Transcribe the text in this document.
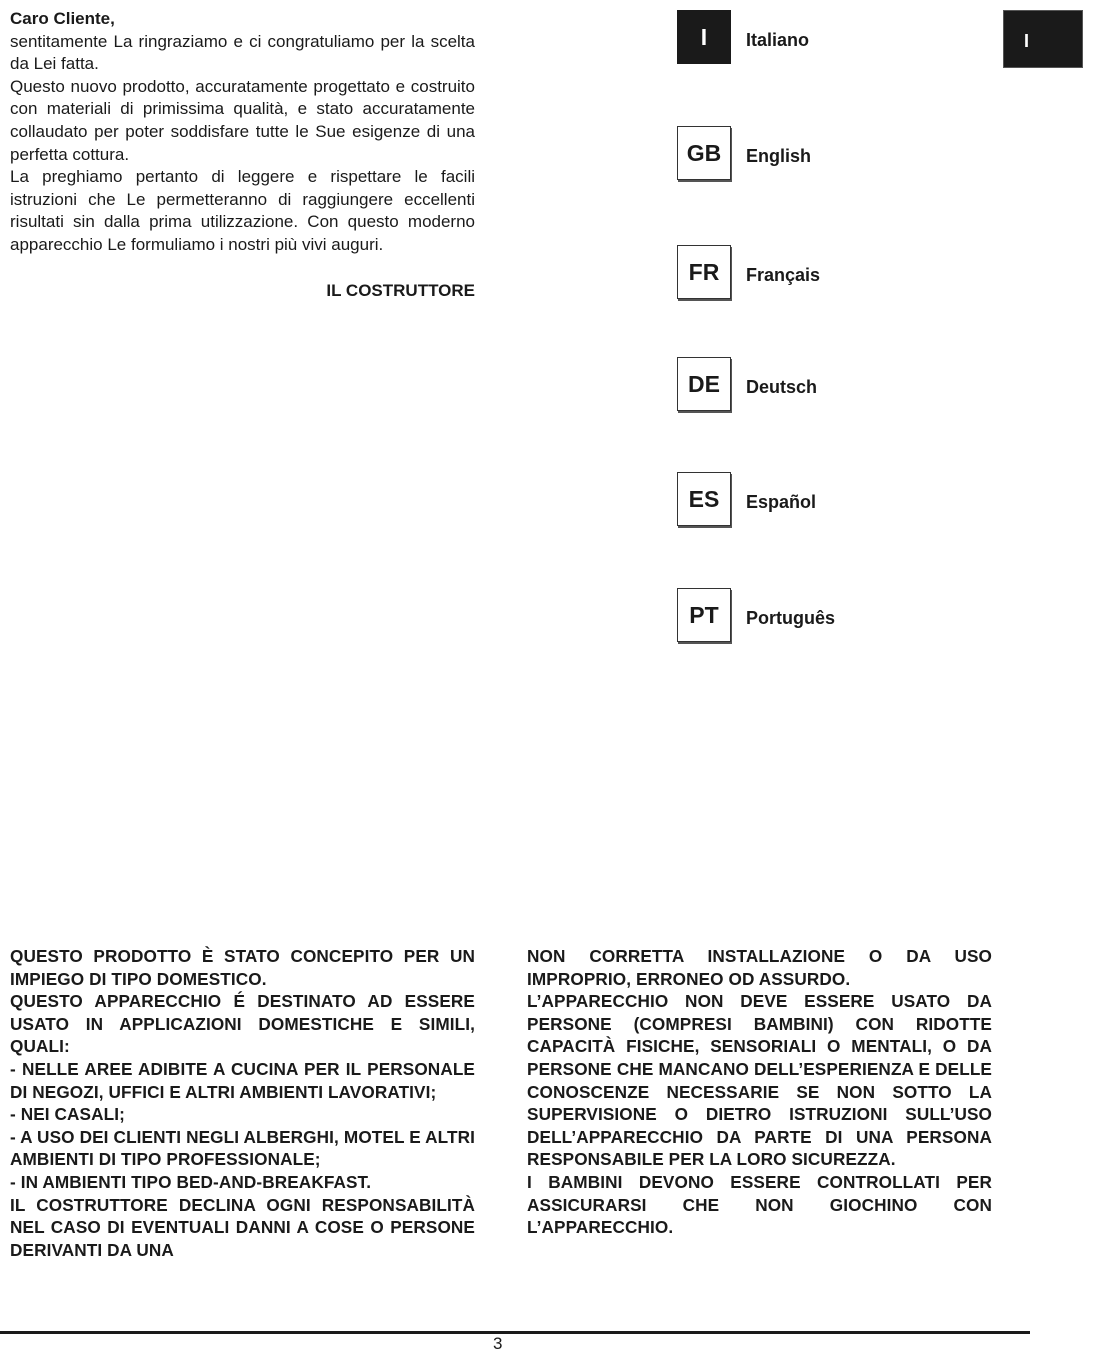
Caro Cliente,

sentitamente La ringraziamo e ci congratuliamo per la scelta da Lei fatta.

Questo nuovo prodotto, accuratamente progettato e costruito con materiali di primissima qualità, e stato accuratamente collaudato per poter soddisfare tutte le Sue esigenze di una perfetta cottura.

La preghiamo pertanto di leggere e rispettare le facili istruzioni che Le permetteranno di raggiungere eccellenti risultati sin dalla prima utilizzazione. Con questo moderno apparecchio Le formuliamo i nostri più vivi auguri.

IL COSTRUTTORE
I	Italiano
GB	English
FR	Français
DE	Deutsch
ES	Español
PT	Português
I

QUESTO PRODOTTO È STATO CONCEPITO PER UN IMPIEGO DI TIPO DOMESTICO.

QUESTO APPARECCHIO É DESTINATO AD ESSERE USATO IN APPLICAZIONI DOMESTICHE E SIMILI, QUALI:

- NELLE AREE ADIBITE A CUCINA PER IL PERSONALE DI NEGOZI, UFFICI E ALTRI AMBIENTI LAVORATIVI;

- NEI CASALI;

- A USO DEI CLIENTI NEGLI ALBERGHI, MOTEL E ALTRI AMBIENTI DI TIPO PROFESSIONALE;

- IN AMBIENTI TIPO BED-AND-BREAKFAST.

IL COSTRUTTORE DECLINA OGNI RESPONSABILITÀ NEL CASO DI EVENTUALI DANNI A COSE O PERSONE DERIVANTI DA UNA

NON CORRETTA INSTALLAZIONE O DA USO IMPROPRIO, ERRONEO OD ASSURDO.

L’APPARECCHIO NON DEVE ESSERE USATO DA PERSONE (COMPRESI BAMBINI) CON RIDOTTE CAPACITÀ FISICHE, SENSORIALI O MENTALI, O DA PERSONE CHE MANCANO DELL’ESPERIENZA E DELLE CONOSCENZE NECESSARIE SE NON SOTTO LA SUPERVISIONE O DIETRO ISTRUZIONI SULL’USO DELL’APPARECCHIO DA PARTE DI UNA PERSONA RESPONSABILE PER LA LORO SICUREZZA.

I BAMBINI DEVONO ESSERE CONTROLLATI PER ASSICURARSI CHE NON GIOCHINO CON L’APPARECCHIO.

3
